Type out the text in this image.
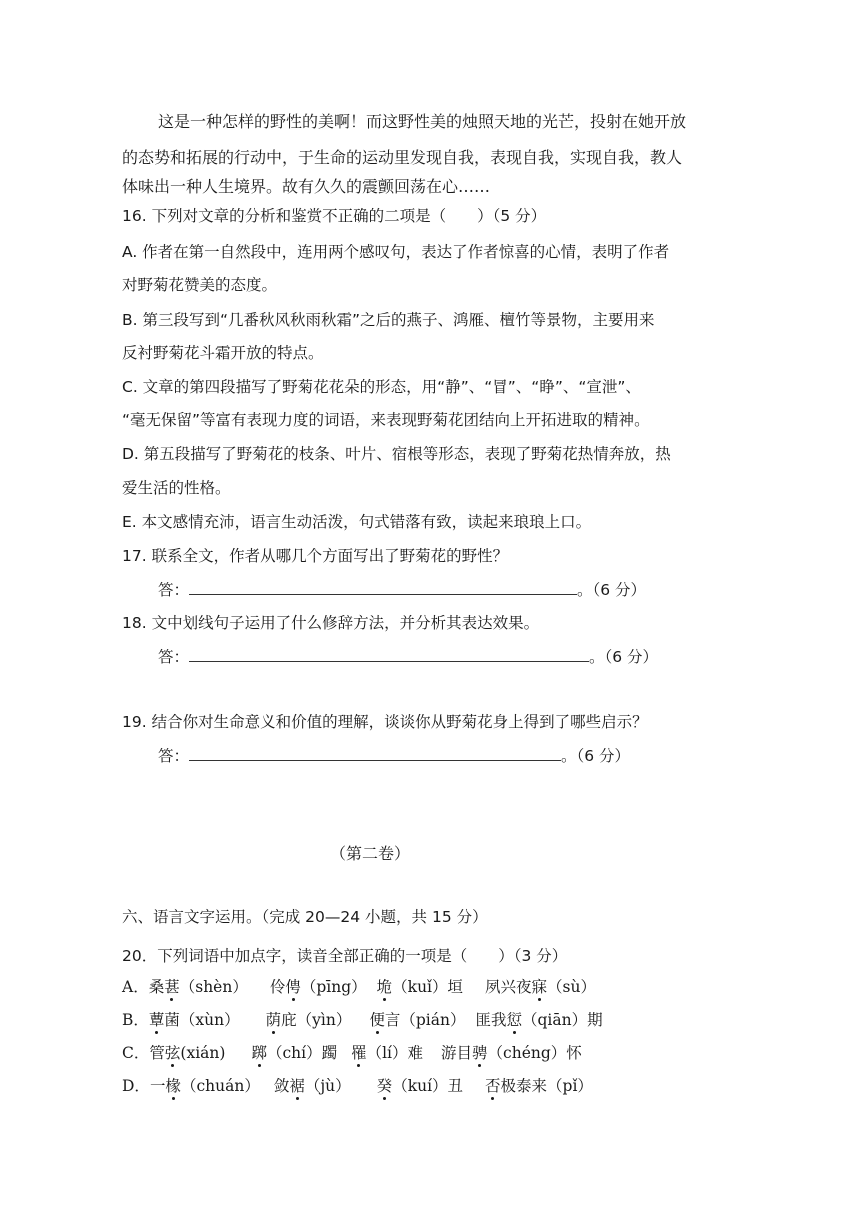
这是一种怎样的野性的美啊！而这野性美的烛照天地的光芒，投射在她开放
的态势和拓展的行动中，于生命的运动里发现自我，表现自我，实现自我，教人
体味出一种人生境界。故有久久的震颤回荡在心……
16. 下列对文章的分析和鉴赏不正确的二项是（　　）（5 分）
A. 作者在第一自然段中，连用两个感叹句，表达了作者惊喜的心情，表明了作者
对野菊花赞美的态度。
B. 第三段写到“几番秋风秋雨秋霜”之后的燕子、鸿雁、檀竹等景物，主要用来
反衬野菊花斗霜开放的特点。
C. 文章的第四段描写了野菊花花朵的形态，用“静”、“冒”、“睁”、“宣泄”、
“毫无保留”等富有表现力度的词语，来表现野菊花团结向上开拓进取的精神。
D. 第五段描写了野菊花的枝条、叶片、宿根等形态，表现了野菊花热情奔放，热
爱生活的性格。
E. 本文感情充沛，语言生动活泼，句式错落有致，读起来琅琅上口。
17. 联系全文，作者从哪几个方面写出了野菊花的野性？
答：	。（6 分）
18. 文中划线句子运用了什么修辞方法，并分析其表达效果。
答：	。（6 分）
19. 结合你对生命意义和价值的理解，谈谈你从野菊花身上得到了哪些启示？
答：	。（6 分）
（第二卷）
六、语言文字运用。（完成 20—24 小题，共 15 分）
20．下列词语中加点字，读音全部正确的一项是（　　）（3 分）
A．桑葚（shèn） 伶俜（pīng） 垝（kuǐ）垣 夙兴夜寐（sù）
B．蕈菌（xùn） 荫庇（yìn） 便言（pián） 匪我愆（qiān）期
C．管弦(xián) 踯（chí）躅 罹（lí）难 游目骋（chéng）怀
D．一椽（chuán） 敛裾（jù） 癸（kuí）丑 否极泰来（pǐ）
